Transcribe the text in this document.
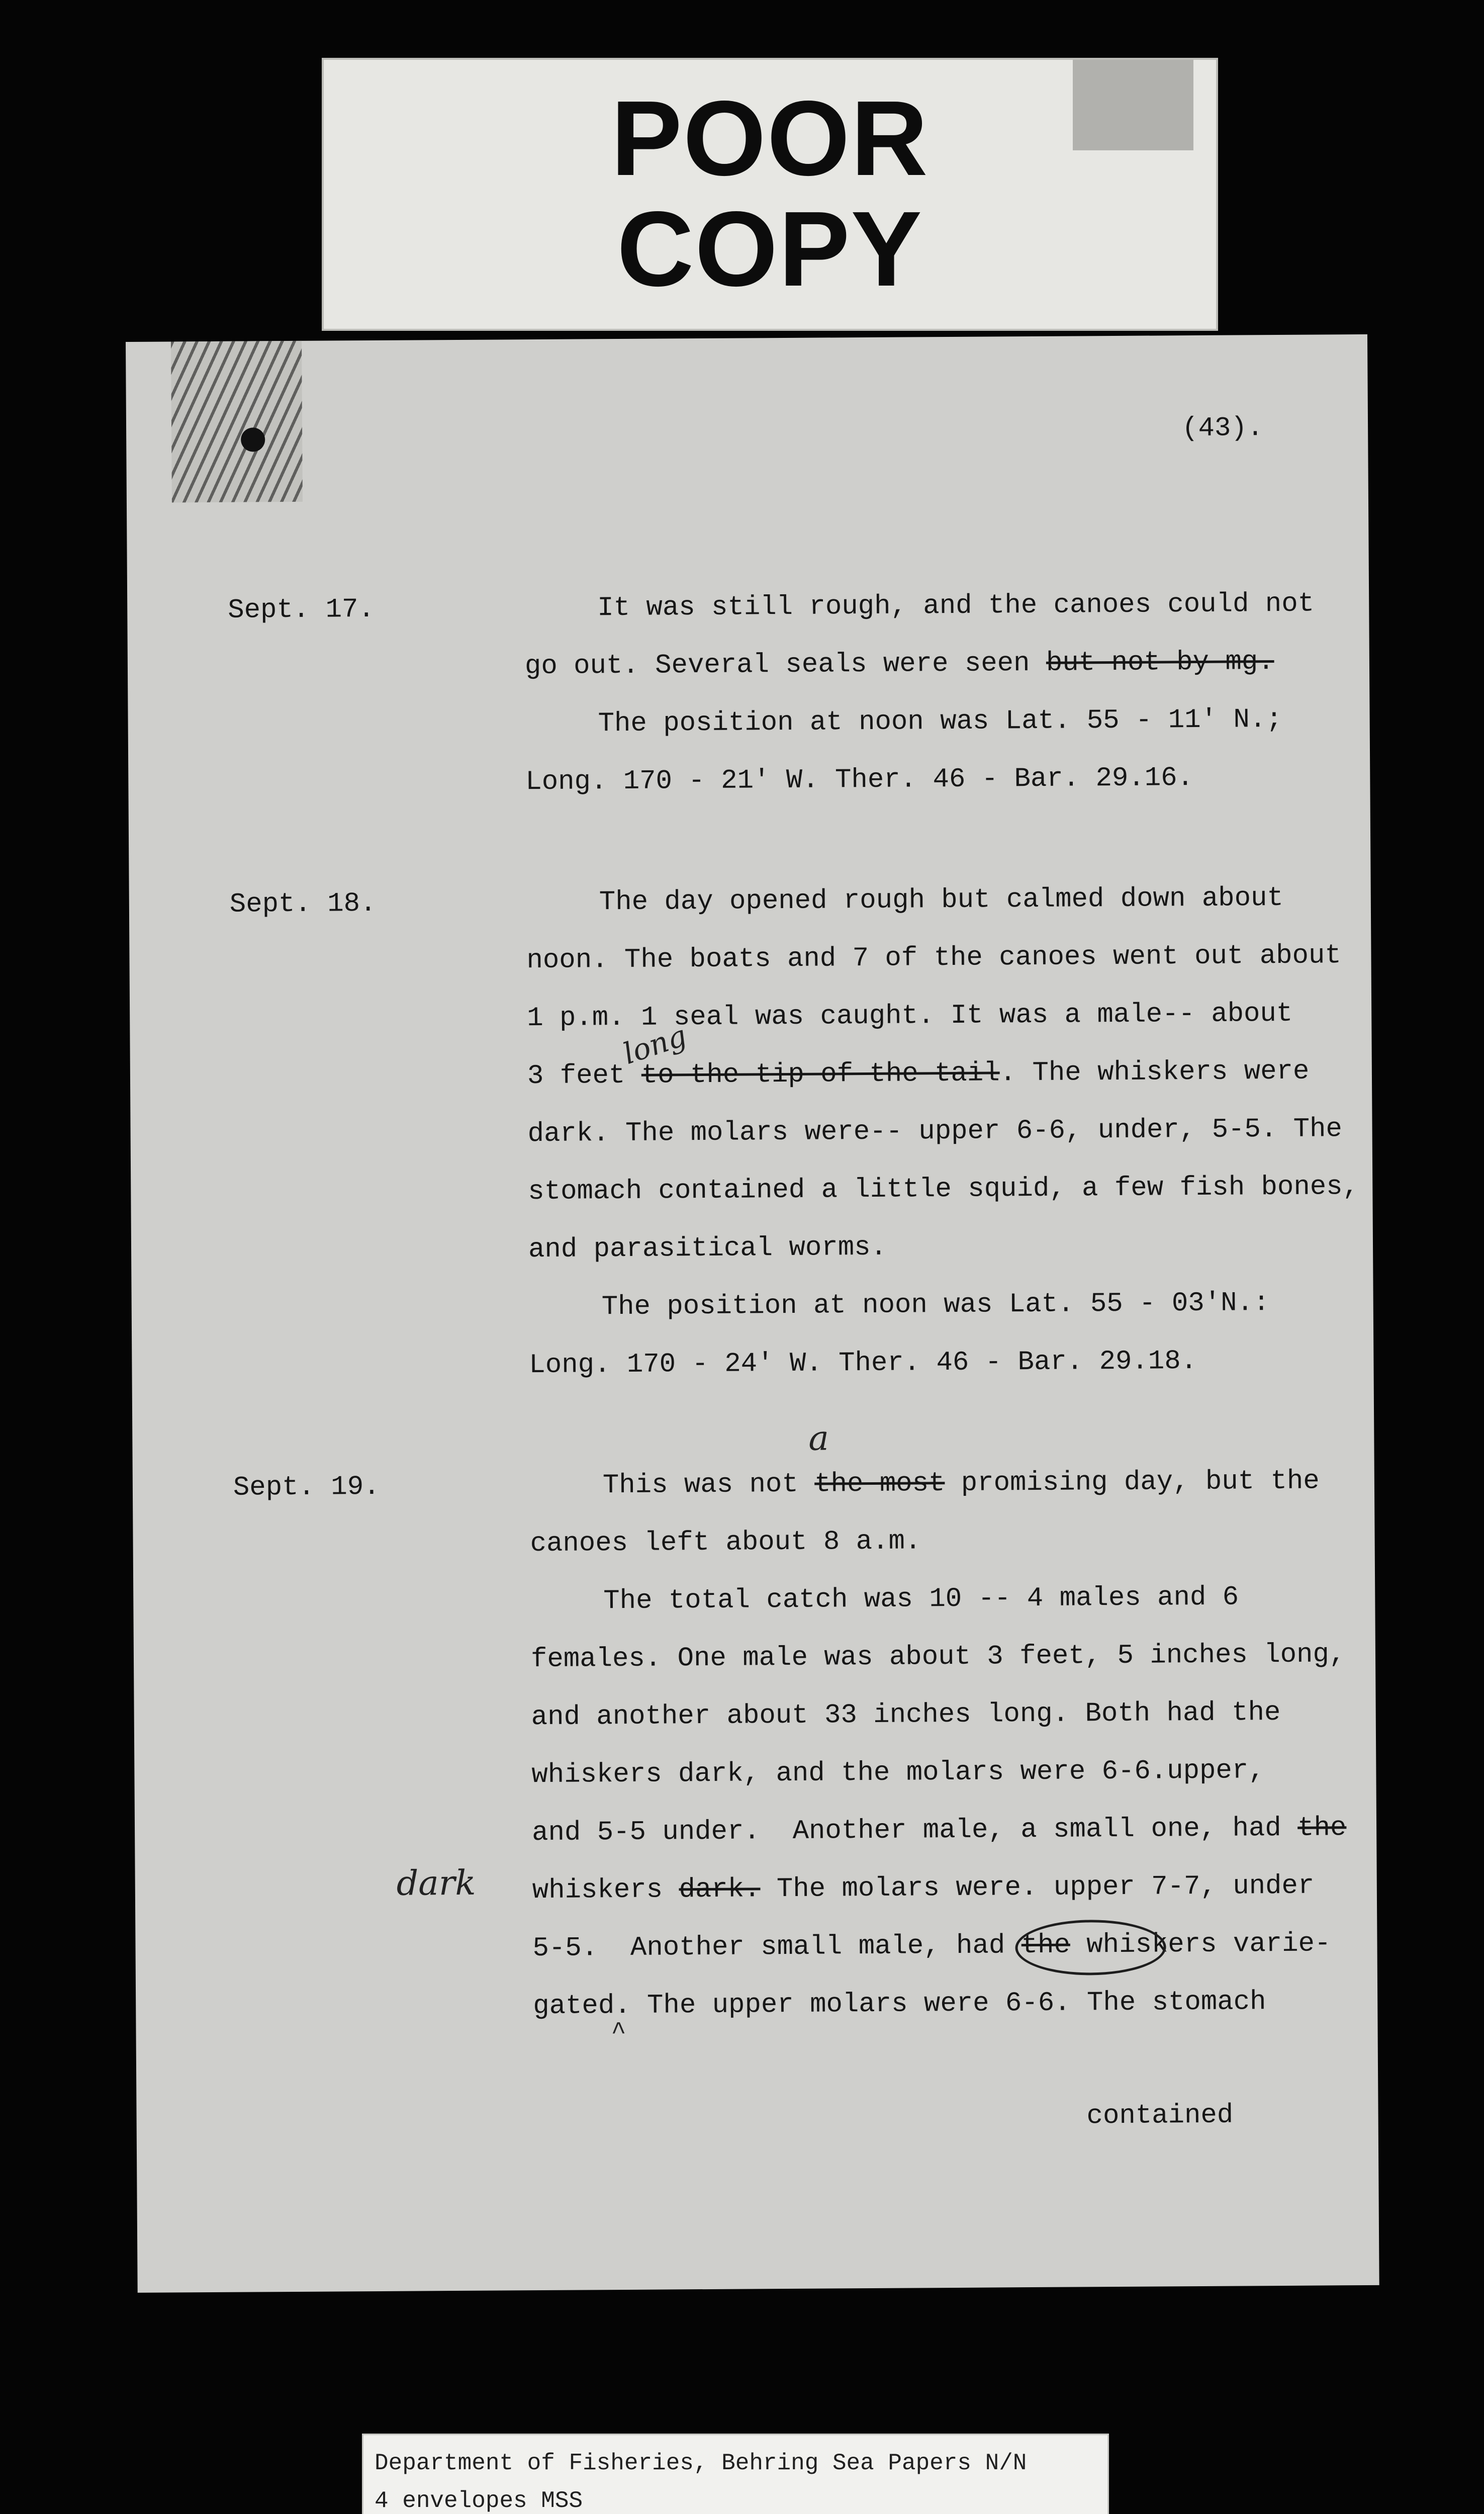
POOR
COPY
(43).
Sept. 17.	It was still rough, and the canoes could not
go out. Several seals were seen but not by mg.
The position at noon was Lat. 55 - 11' N.;
Long. 170 - 21' W. Ther. 46 - Bar. 29.16.
Sept. 18.	The day opened rough but calmed down about
noon. The boats and 7 of the canoes went out about
1 p.m. 1 seal was caught. It was a male-- about
3 feet to the tip of the tail. The whiskers were
long
dark. The molars were-- upper 6-6, under, 5-5. The
stomach contained a little squid, a few fish bones,
and parasitical worms.
The position at noon was Lat. 55 - 03'N.:
Long. 170 - 24' W. Ther. 46 - Bar. 29.18.
Sept. 19.
a
This was not the most promising day, but the
canoes left about 8 a.m.
The total catch was 10 -- 4 males and 6
females. One male was about 3 feet, 5 inches long,
and another about 33 inches long. Both had the
whiskers dark, and the molars were 6-6.upper,
and 5-5 under.  Another male, a small one, had the
dark whiskers dark. The molars were. upper 7-7, under
5-5.  Another small male, had the whiskers varie-
gated. The upper molars were 6-6. The stomach
^
contained
Department of Fisheries, Behring Sea Papers N/N
4 envelopes MSS
